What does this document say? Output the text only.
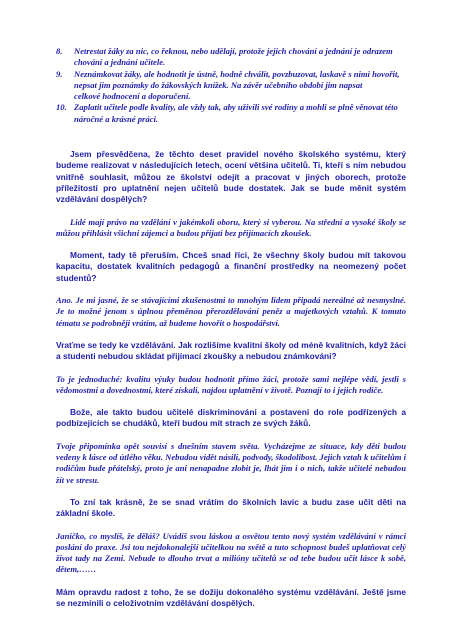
8.	Netrestat žáky za nic, co řeknou, nebo udělají, protože jejich chování a jednání je odrazem chování a jednání učitele.

9.	Neznámkovat žáky, ale hodnotit je ústně, hodně chválit, povzbuzovat, laskavě s nimi hovořit, nepsat jim poznámky do žákovských knížek. Na závěr učebního období jim napsat

celkové hodnocení a doporučení.

10. Zaplatit učitele podle kvality, ale vždy tak, aby uživili své rodiny a mohli se plně věnovat této náročné a krásné práci.

Jsem přesvědčena, že těchto deset pravidel nového školského systému, který budeme realizovat v následujících letech, ocení většina učitelů. Ti, kteří s ním nebudou vnitřně souhlasit, můžou ze školství odejít a pracovat v jiných oborech, protože příležitostí pro uplatnění nejen učitelů bude dostatek. Jak se bude měnit systém vzdělávání dospělých?

Lidé mají právo na vzdělání v jakémkoli oboru, který si vyberou. Na střední a vysoké školy se můžou přihlásit všichni zájemci a budou přijati bez přijímacích zkoušek.

Moment, tady tě přeruším. Chceš snad říci, že všechny školy budou mít takovou kapacitu, dostatek kvalitních pedagogů a finanční prostředky na neomezený počet studentů?

Ano. Je mi jasné, že se stávajícími zkušenostmi to mnohým lidem připadá nereálné až nesmyslné. Je to možné jenom s úplnou přeměnou přerozdělování peněz a majetkových vztahů. K tomuto tématu se podrobněji vrátím, až budeme hovořit o hospodářství.

Vraťme se tedy ke vzdělávání. Jak rozlišíme kvalitní školy od méně kvalitních, když žáci a studenti nebudou skládat přijímací zkoušky a nebudou známkováni?

To je jednoduché: kvalitu výuky budou hodnotit přímo žáci, protože sami nejlépe vědí, jestli s vědomostmi a dovednostmi, které získali, najdou uplatnění v životě. Poznají to i jejich rodiče.

Bože, ale takto budou učitelé diskriminováni a postaveni do role podřízených a podbízejících se chudáků, kteří budou mít strach ze svých žáků.

Tvoje připomínka opět souvisí s dnešním stavem světa. Vycházejme ze situace, kdy děti budou vedeny k lásce od útlého věku. Nebudou vidět násilí, podvody, škodolibost. Jejich vztah k učitelům i rodičům bude přátelský, proto je ani nenapadne zlobit je, lhát jim i o nich, takže učitelé nebudou žít ve stresu.

To zní tak krásně, že se snad vrátím do školních lavic a budu zase učit děti na základní škole.

Janičko, co myslíš, že děláš? Uvádíš svou láskou a osvětou tento nový systém vzdělávání v rámci poslání do praxe. Jsi tou nejdokonalejší učitelkou na světě a tuto schopnost budeš uplatňovat celý život tady na Zemi. Nebude to dlouho trvat a milióny učitelů se od tebe budou učit lásce k sobě, dětem,……

Mám opravdu radost z toho, že se dožiju dokonalého systému vzdělávání. Ještě jsme se nezmínili o celoživotním vzdělávání dospělých.
